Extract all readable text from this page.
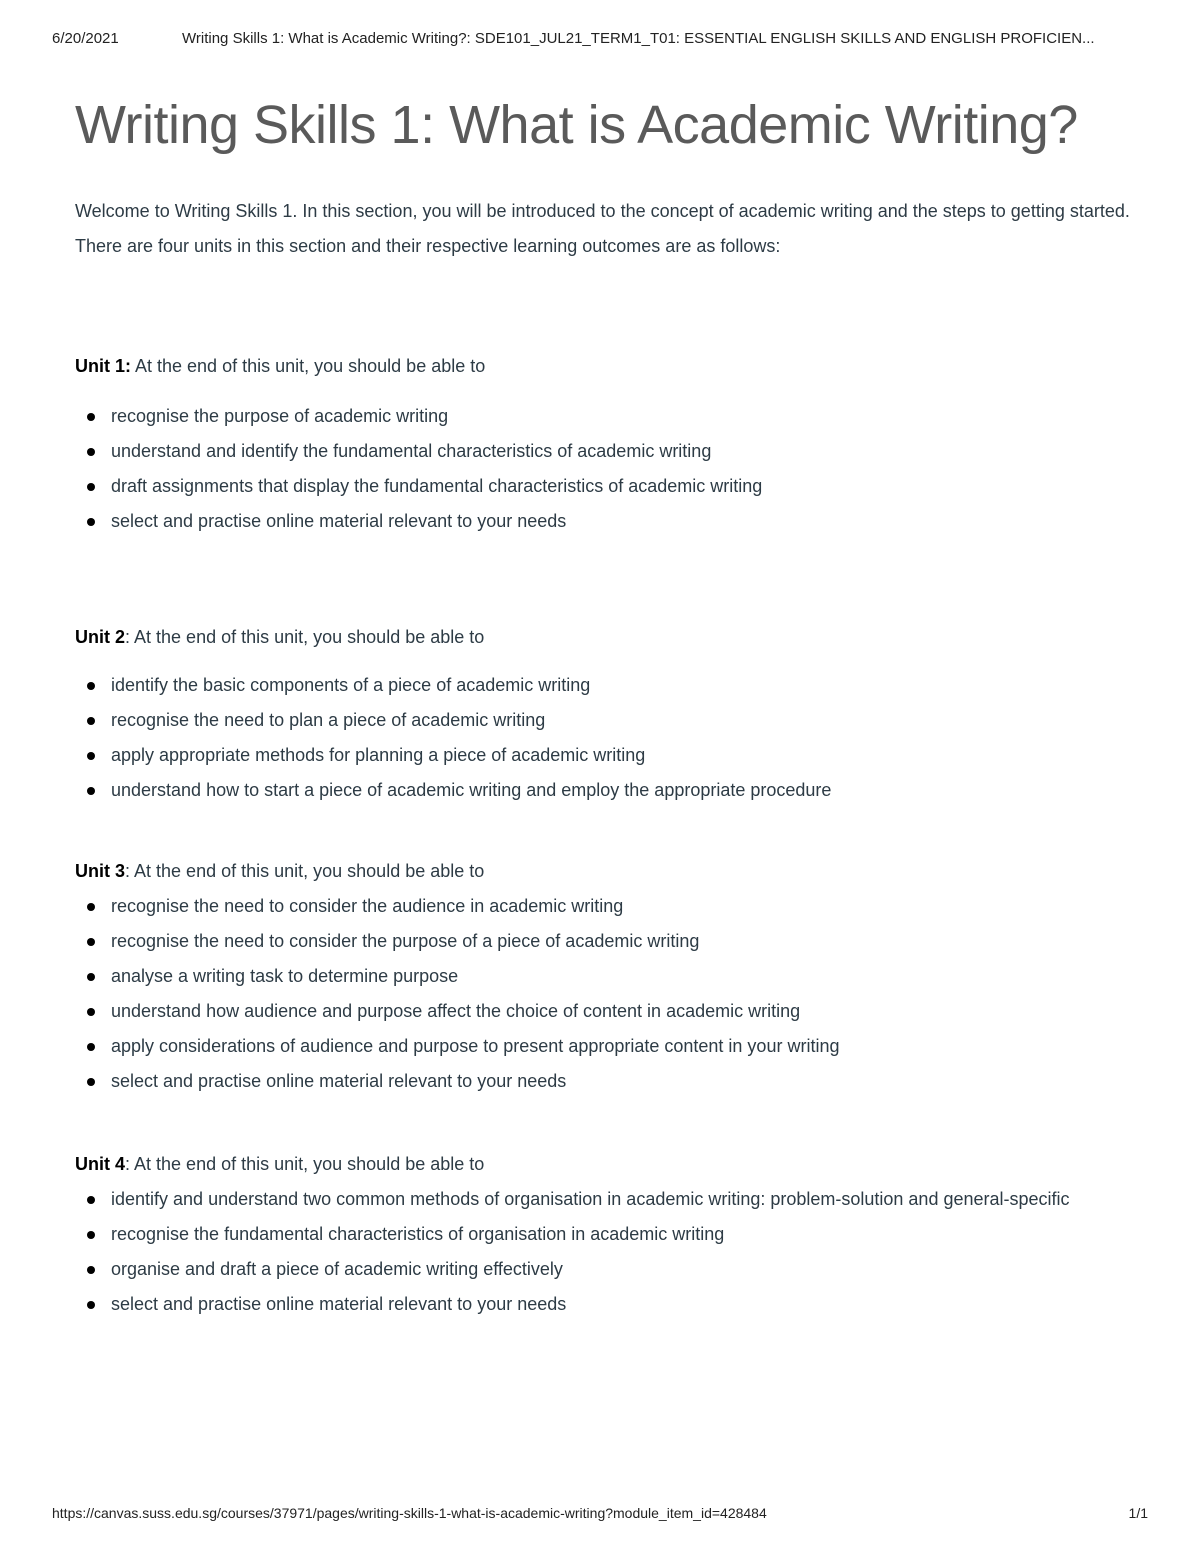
6/20/2021	Writing Skills 1: What is Academic Writing?: SDE101_JUL21_TERM1_T01: ESSENTIAL ENGLISH SKILLS AND ENGLISH PROFICIEN...
Writing Skills 1: What is Academic Writing?

Welcome to Writing Skills 1. In this section, you will be introduced to the concept of academic writing and the steps to getting started. There are four units in this section and their respective learning outcomes are as follows:

Unit 1: At the end of this unit, you should be able to

recognise the purpose of academic writing
understand and identify the fundamental characteristics of academic writing
draft assignments that display the fundamental characteristics of academic writing
select and practise online material relevant to your needs

Unit 2: At the end of this unit, you should be able to

identify the basic components of a piece of academic writing
recognise the need to plan a piece of academic writing
apply appropriate methods for planning a piece of academic writing
understand how to start a piece of academic writing and employ the appropriate procedure

Unit 3: At the end of this unit, you should be able to

recognise the need to consider the audience in academic writing
recognise the need to consider the purpose of a piece of academic writing
analyse a writing task to determine purpose
understand how audience and purpose affect the choice of content in academic writing
apply considerations of audience and purpose to present appropriate content in your writing
select and practise online material relevant to your needs

Unit 4: At the end of this unit, you should be able to

identify and understand two common methods of organisation in academic writing: problem-solution and general-specific
recognise the fundamental characteristics of organisation in academic writing
organise and draft a piece of academic writing effectively
select and practise online material relevant to your needs
https://canvas.suss.edu.sg/courses/37971/pages/writing-skills-1-what-is-academic-writing?module_item_id=428484	1/1
